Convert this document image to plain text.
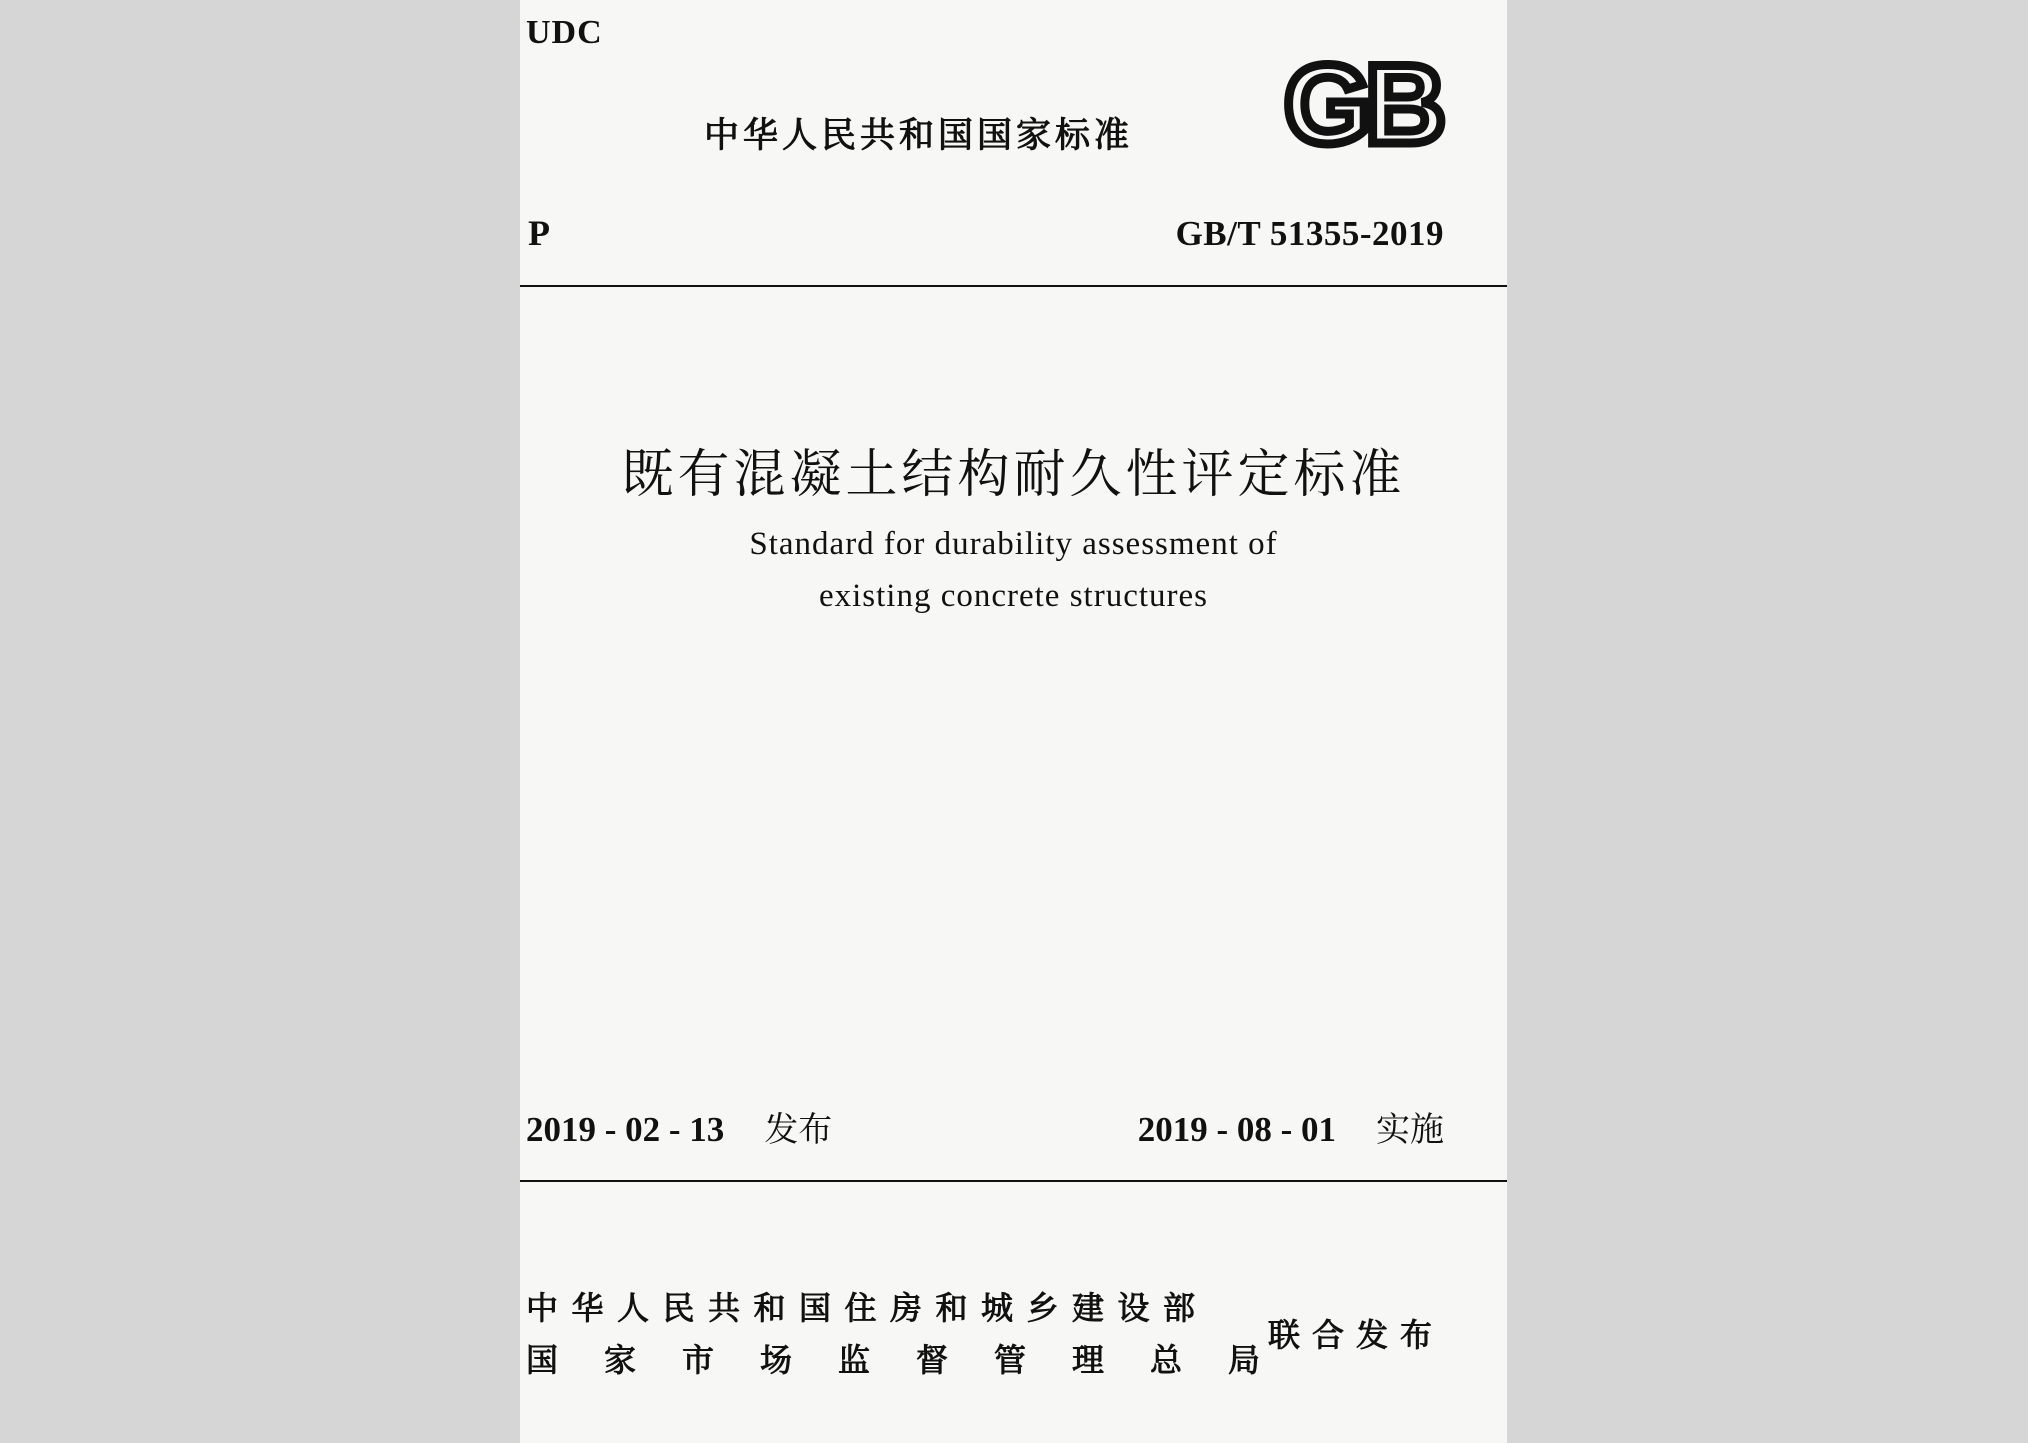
UDC
中华人民共和国国家标准 GB
P	GB/T 51355-2019
既有混凝土结构耐久性评定标准
Standard for durability assessment of
existing concrete structures
2019 - 02 - 13 发布	2019 - 08 - 01 实施
中华人民共和国住房和城乡建设部
国家市场监督管理总局
联合发布
